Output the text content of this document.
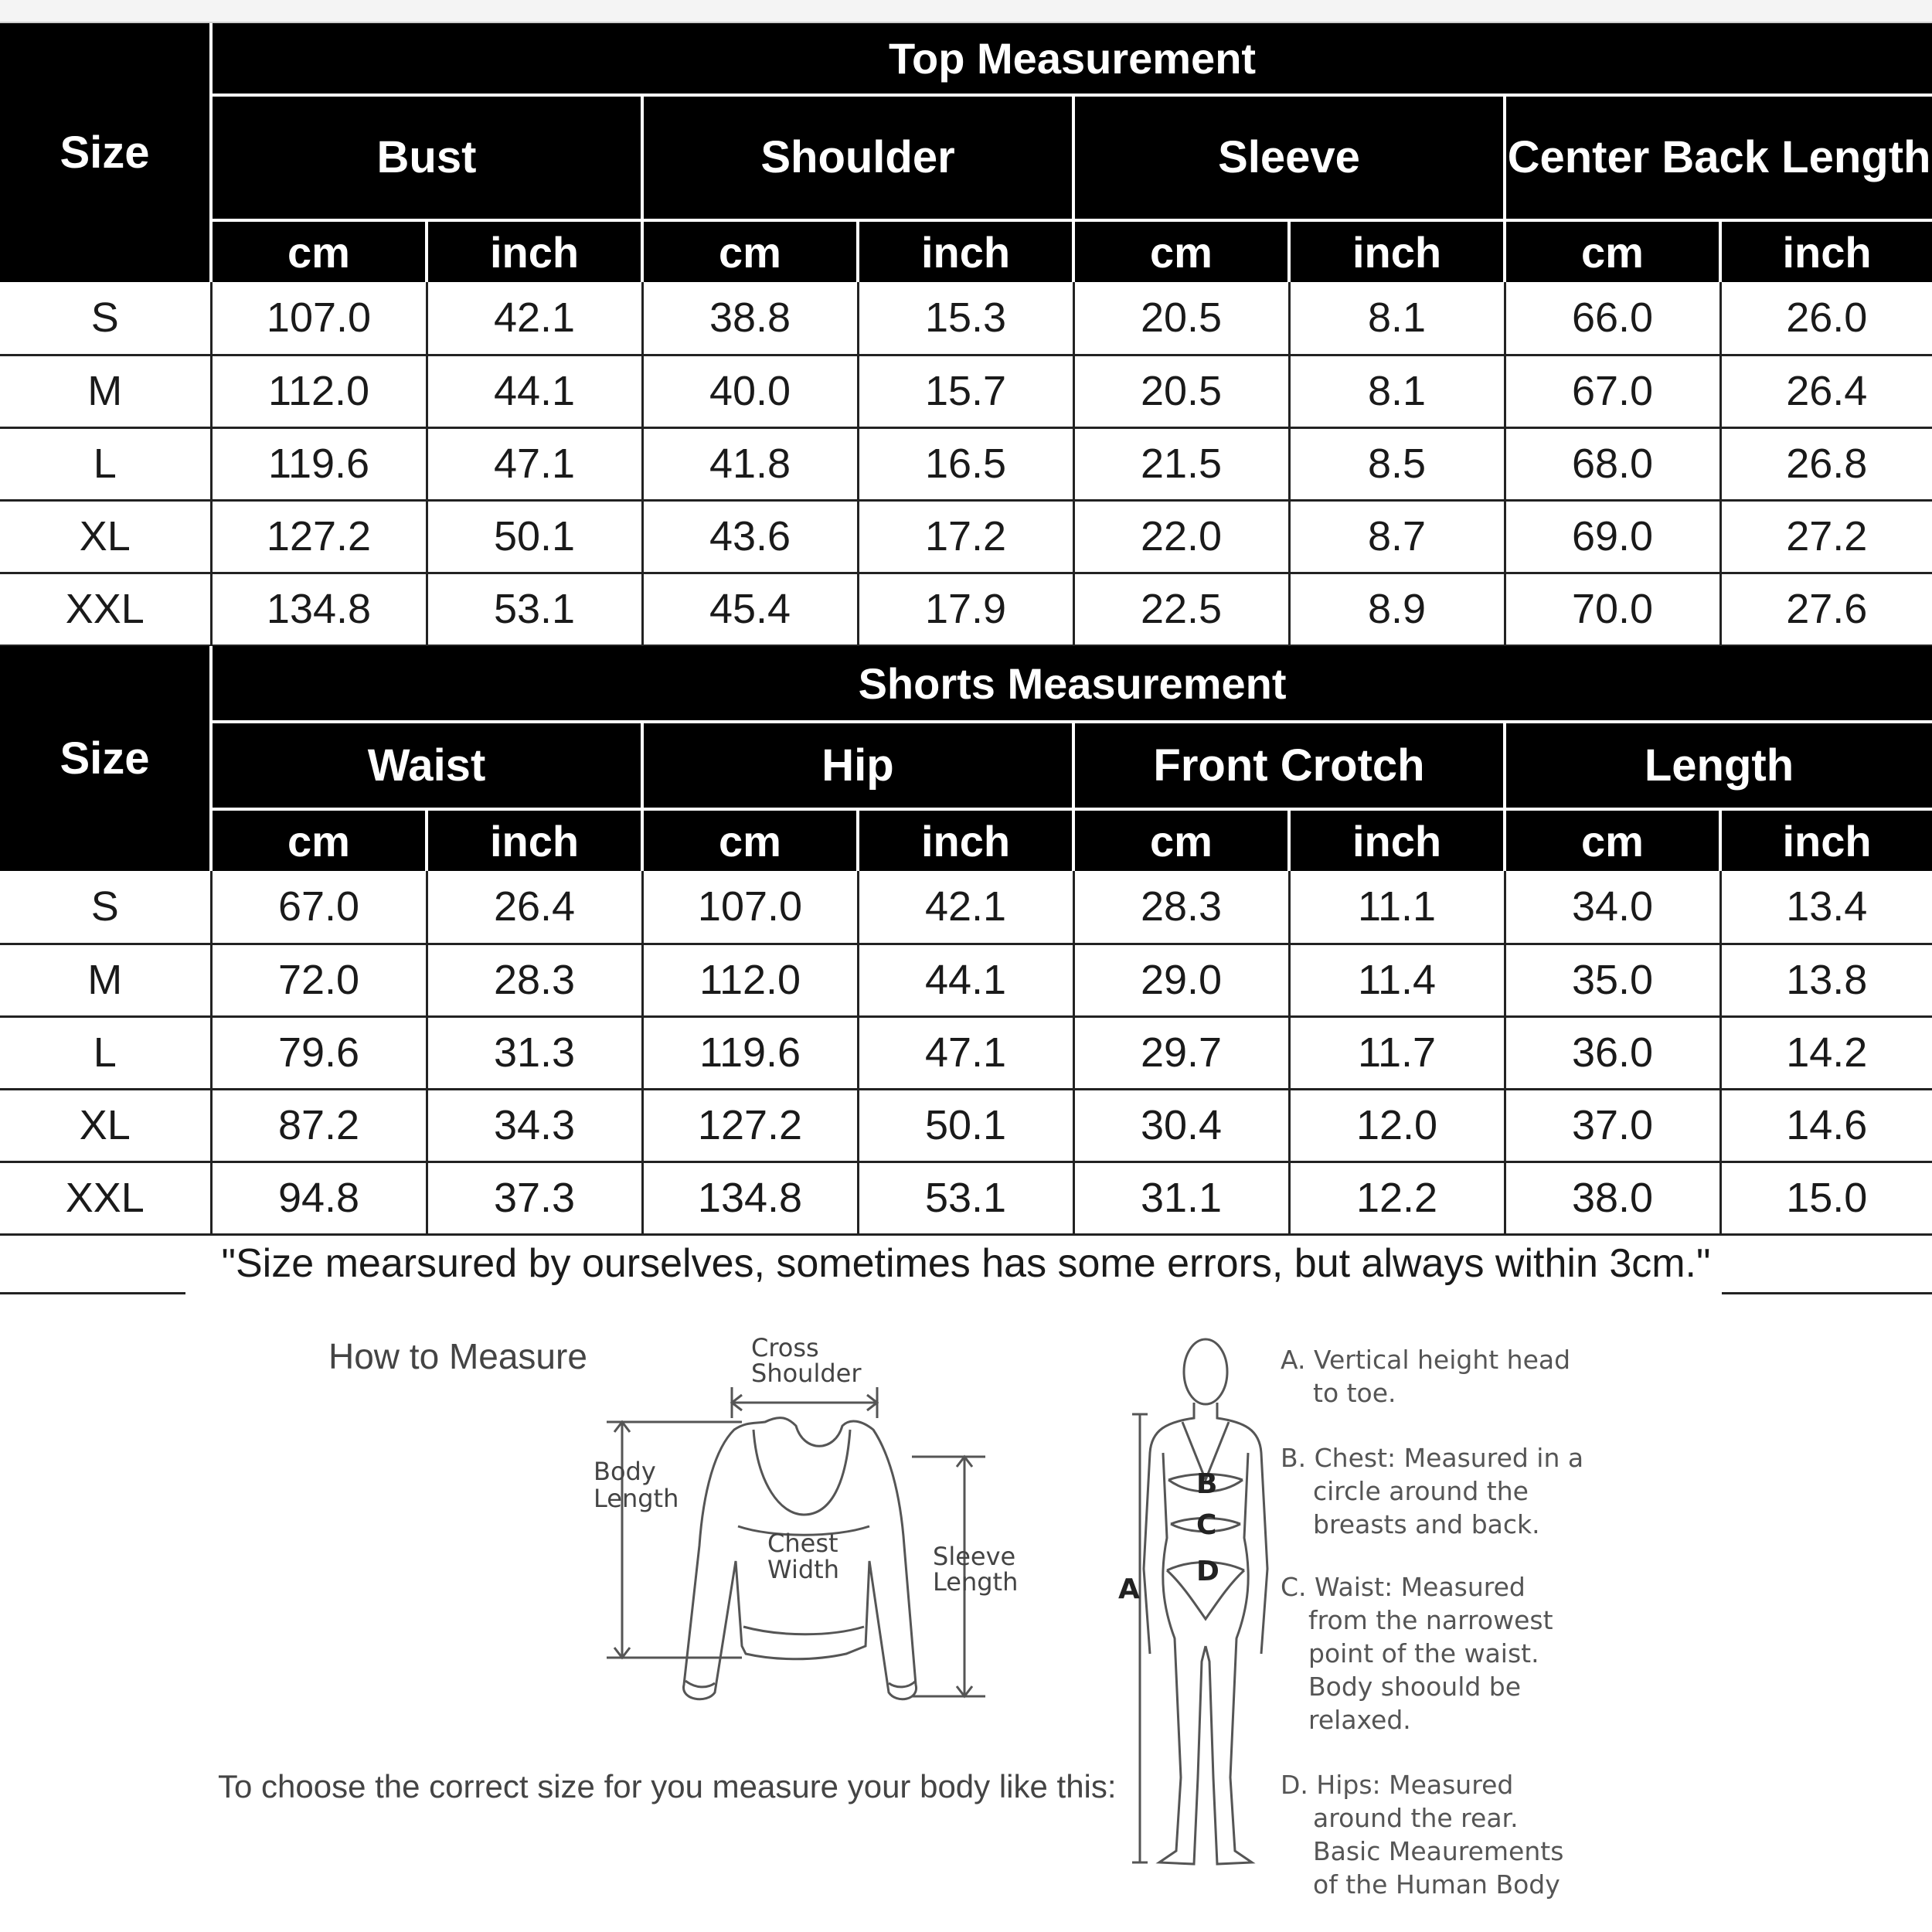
Size	Top Measurement							
	Bust		Shoulder		Sleeve		Center Back Length	
	cm	inch	cm	inch	cm	inch	cm	inch
S	107.0	42.1	38.8	15.3	20.5	8.1	66.0	26.0
M	112.0	44.1	40.0	15.7	20.5	8.1	67.0	26.4
L	119.6	47.1	41.8	16.5	21.5	8.5	68.0	26.8
XL	127.2	50.1	43.6	17.2	22.0	8.7	69.0	27.2
XXL	134.8	53.1	45.4	17.9	22.5	8.9	70.0	27.6
Size	Shorts Measurement							
	Waist		Hip		Front Crotch		Length	
	cm	inch	cm	inch	cm	inch	cm	inch
S	67.0	26.4	107.0	42.1	28.3	11.1	34.0	13.4
M	72.0	28.3	112.0	44.1	29.0	11.4	35.0	13.8
L	79.6	31.3	119.6	47.1	29.7	11.7	36.0	14.2
XL	87.2	34.3	127.2	50.1	30.4	12.0	37.0	14.6
XXL	94.8	37.3	134.8	53.1	31.1	12.2	38.0	15.0
"Size mearsured by ourselves, sometimes has some errors, but always within 3cm."
How to Measure
To choose the correct size for you measure your body like this:
Cross
Shoulder
Body
Length
Chest
Width	Sleeve
Length	A
B
C
D
A. Vertical height head
to toe.
B. Chest: Measured in a
circle around the
breasts and back.
C. Waist: Measured
from the narrowest
point of the waist.
Body shoould be
relaxed.
D. Hips: Measured
around the rear.
Basic Meaurements
of the Human Body
